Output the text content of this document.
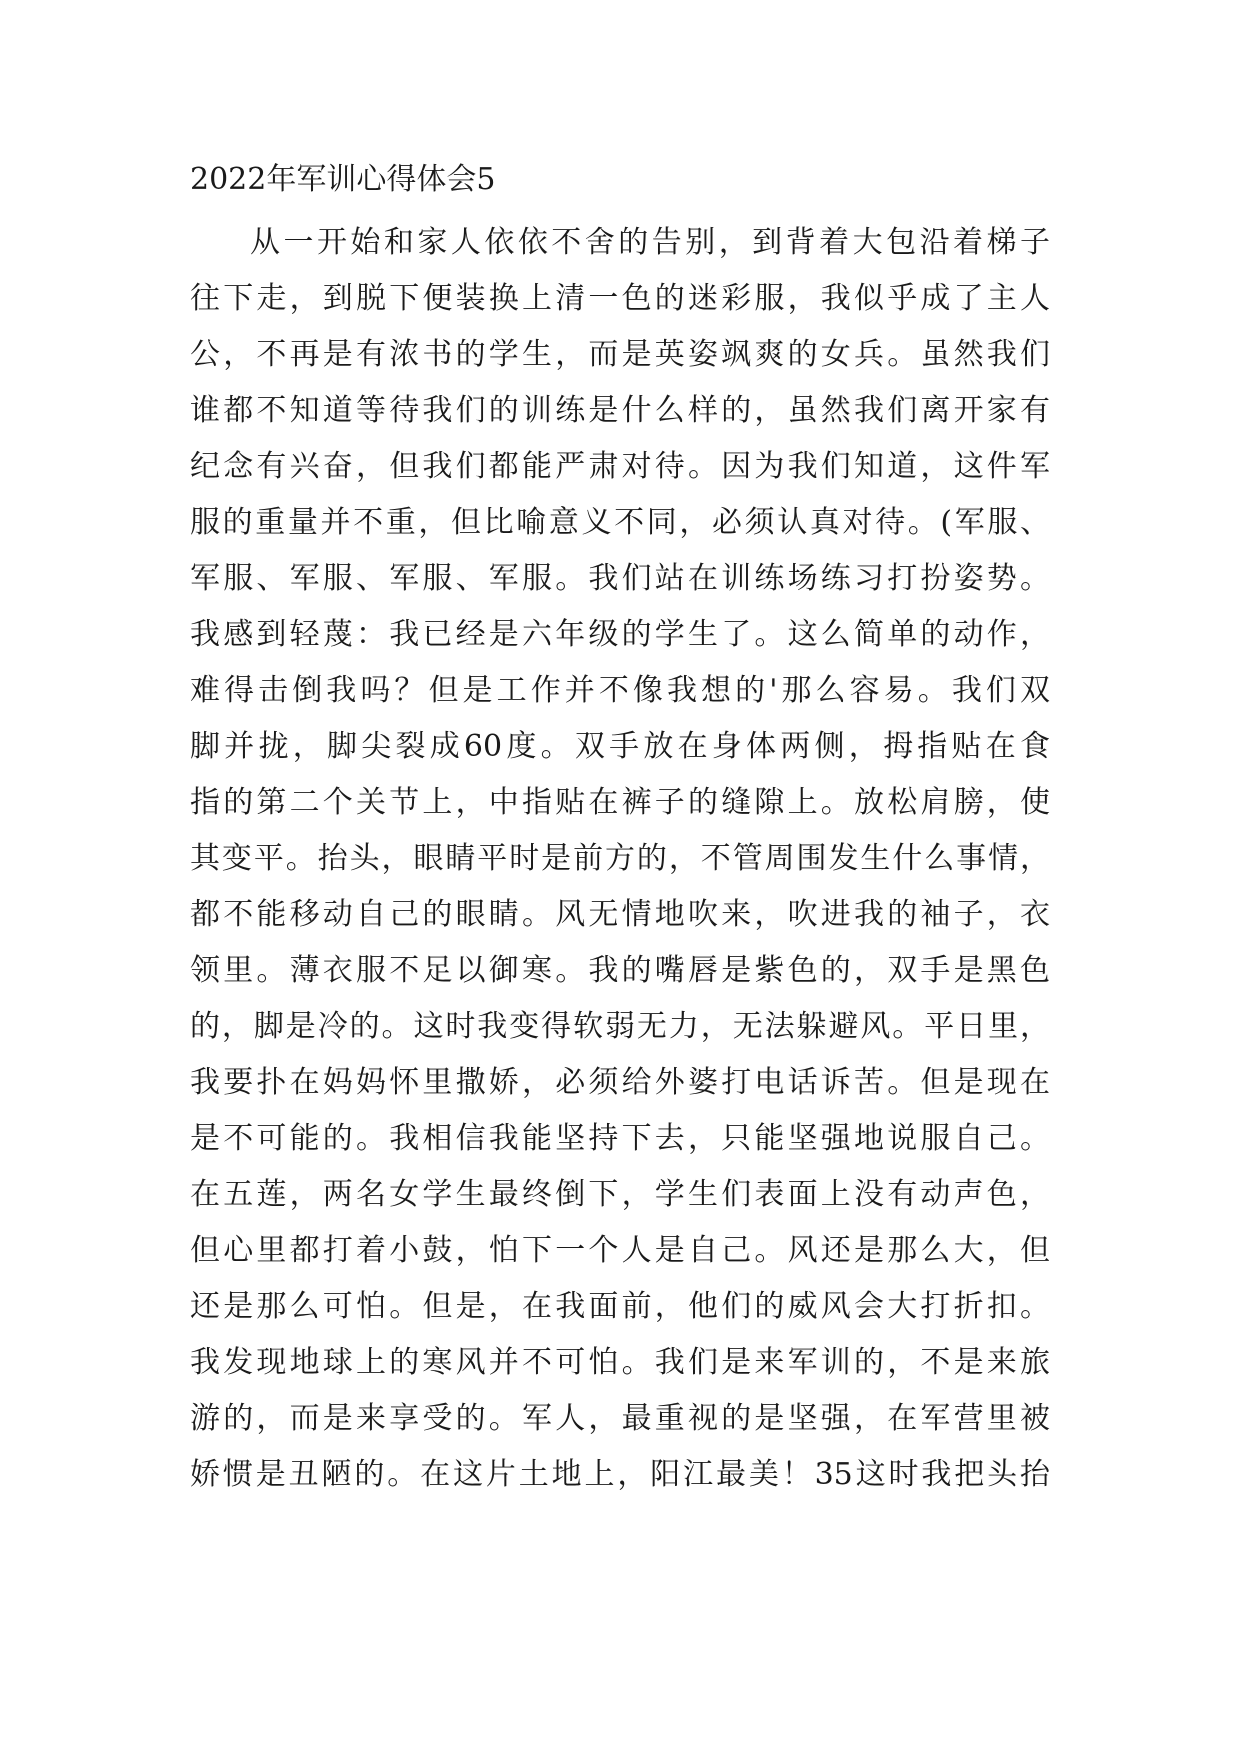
2022年军训心得体会5

从一开始和家人依依不舍的告别，到背着大包沿着梯子

往下走，到脱下便装换上清一色的迷彩服，我似乎成了主人

公，不再是有浓书的学生，而是英姿飒爽的女兵。虽然我们

谁都不知道等待我们的训练是什么样的，虽然我们离开家有

纪念有兴奋，但我们都能严肃对待。因为我们知道，这件军

服的重量并不重，但比喻意义不同，必须认真对待。(军服、

军服、军服、军服、军服。我们站在训练场练习打扮姿势。

我感到轻蔑：我已经是六年级的学生了。这么简单的动作，

难得击倒我吗？但是工作并不像我想的'那么容易。我们双

脚并拢，脚尖裂成60度。双手放在身体两侧，拇指贴在食

指的第二个关节上，中指贴在裤子的缝隙上。放松肩膀，使

其变平。抬头，眼睛平时是前方的，不管周围发生什么事情，

都不能移动自己的眼睛。风无情地吹来，吹进我的袖子，衣

领里。薄衣服不足以御寒。我的嘴唇是紫色的，双手是黑色

的，脚是冷的。这时我变得软弱无力，无法躲避风。平日里，

我要扑在妈妈怀里撒娇，必须给外婆打电话诉苦。但是现在

是不可能的。我相信我能坚持下去，只能坚强地说服自己。

在五莲，两名女学生最终倒下，学生们表面上没有动声色，

但心里都打着小鼓，怕下一个人是自己。风还是那么大，但

还是那么可怕。但是，在我面前，他们的威风会大打折扣。

我发现地球上的寒风并不可怕。我们是来军训的，不是来旅

游的，而是来享受的。军人，最重视的是坚强，在军营里被

娇惯是丑陋的。在这片土地上，阳江最美！35这时我把头抬
